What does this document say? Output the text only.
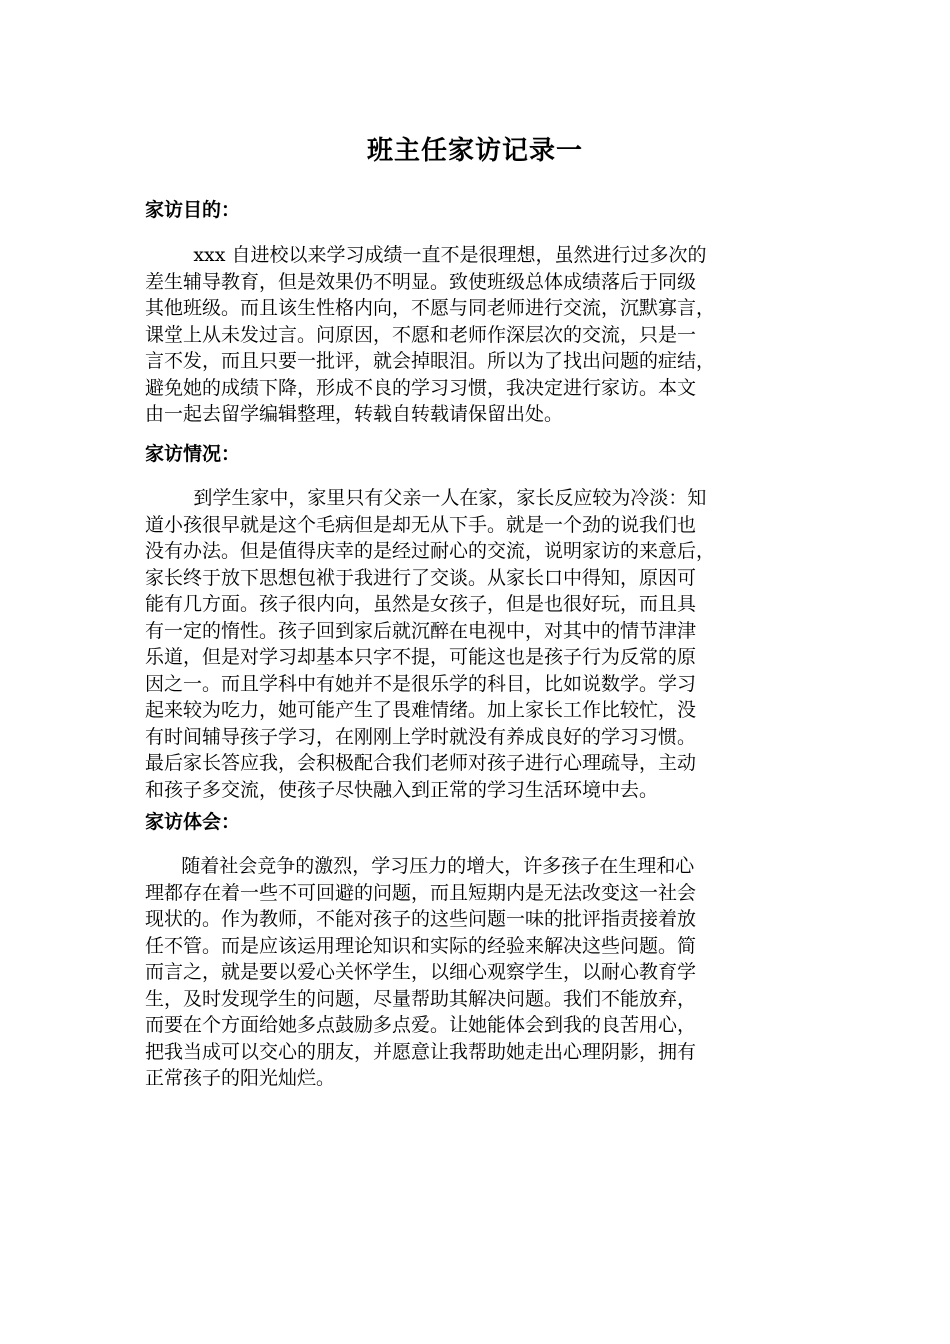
班主任家访记录一
家访目的：
xxx 自进校以来学习成绩一直不是很理想，虽然进行过多次的
差生辅导教育，但是效果仍不明显。致使班级总体成绩落后于同级
其他班级。而且该生性格内向，不愿与同老师进行交流，沉默寡言，
课堂上从未发过言。问原因，不愿和老师作深层次的交流，只是一
言不发，而且只要一批评，就会掉眼泪。所以为了找出问题的症结，
避免她的成绩下降，形成不良的学习习惯，我决定进行家访。本文
由一起去留学编辑整理，转载自转载请保留出处。
家访情况：
到学生家中，家里只有父亲一人在家，家长反应较为冷淡：知
道小孩很早就是这个毛病但是却无从下手。就是一个劲的说我们也
没有办法。但是值得庆幸的是经过耐心的交流，说明家访的来意后，
家长终于放下思想包袱于我进行了交谈。从家长口中得知，原因可
能有几方面。孩子很内向，虽然是女孩子，但是也很好玩，而且具
有一定的惰性。孩子回到家后就沉醉在电视中，对其中的情节津津
乐道，但是对学习却基本只字不提，可能这也是孩子行为反常的原
因之一。而且学科中有她并不是很乐学的科目，比如说数学。学习
起来较为吃力，她可能产生了畏难情绪。加上家长工作比较忙，没
有时间辅导孩子学习，在刚刚上学时就没有养成良好的学习习惯。
最后家长答应我，会积极配合我们老师对孩子进行心理疏导，主动
和孩子多交流，使孩子尽快融入到正常的学习生活环境中去。
家访体会：
随着社会竞争的激烈，学习压力的增大，许多孩子在生理和心
理都存在着一些不可回避的问题，而且短期内是无法改变这一社会
现状的。作为教师，不能对孩子的这些问题一味的批评指责接着放
任不管。而是应该运用理论知识和实际的经验来解决这些问题。简
而言之，就是要以爱心关怀学生，以细心观察学生，以耐心教育学
生，及时发现学生的问题，尽量帮助其解决问题。我们不能放弃，
而要在个方面给她多点鼓励多点爱。让她能体会到我的良苦用心，
把我当成可以交心的朋友，并愿意让我帮助她走出心理阴影，拥有
正常孩子的阳光灿烂。
